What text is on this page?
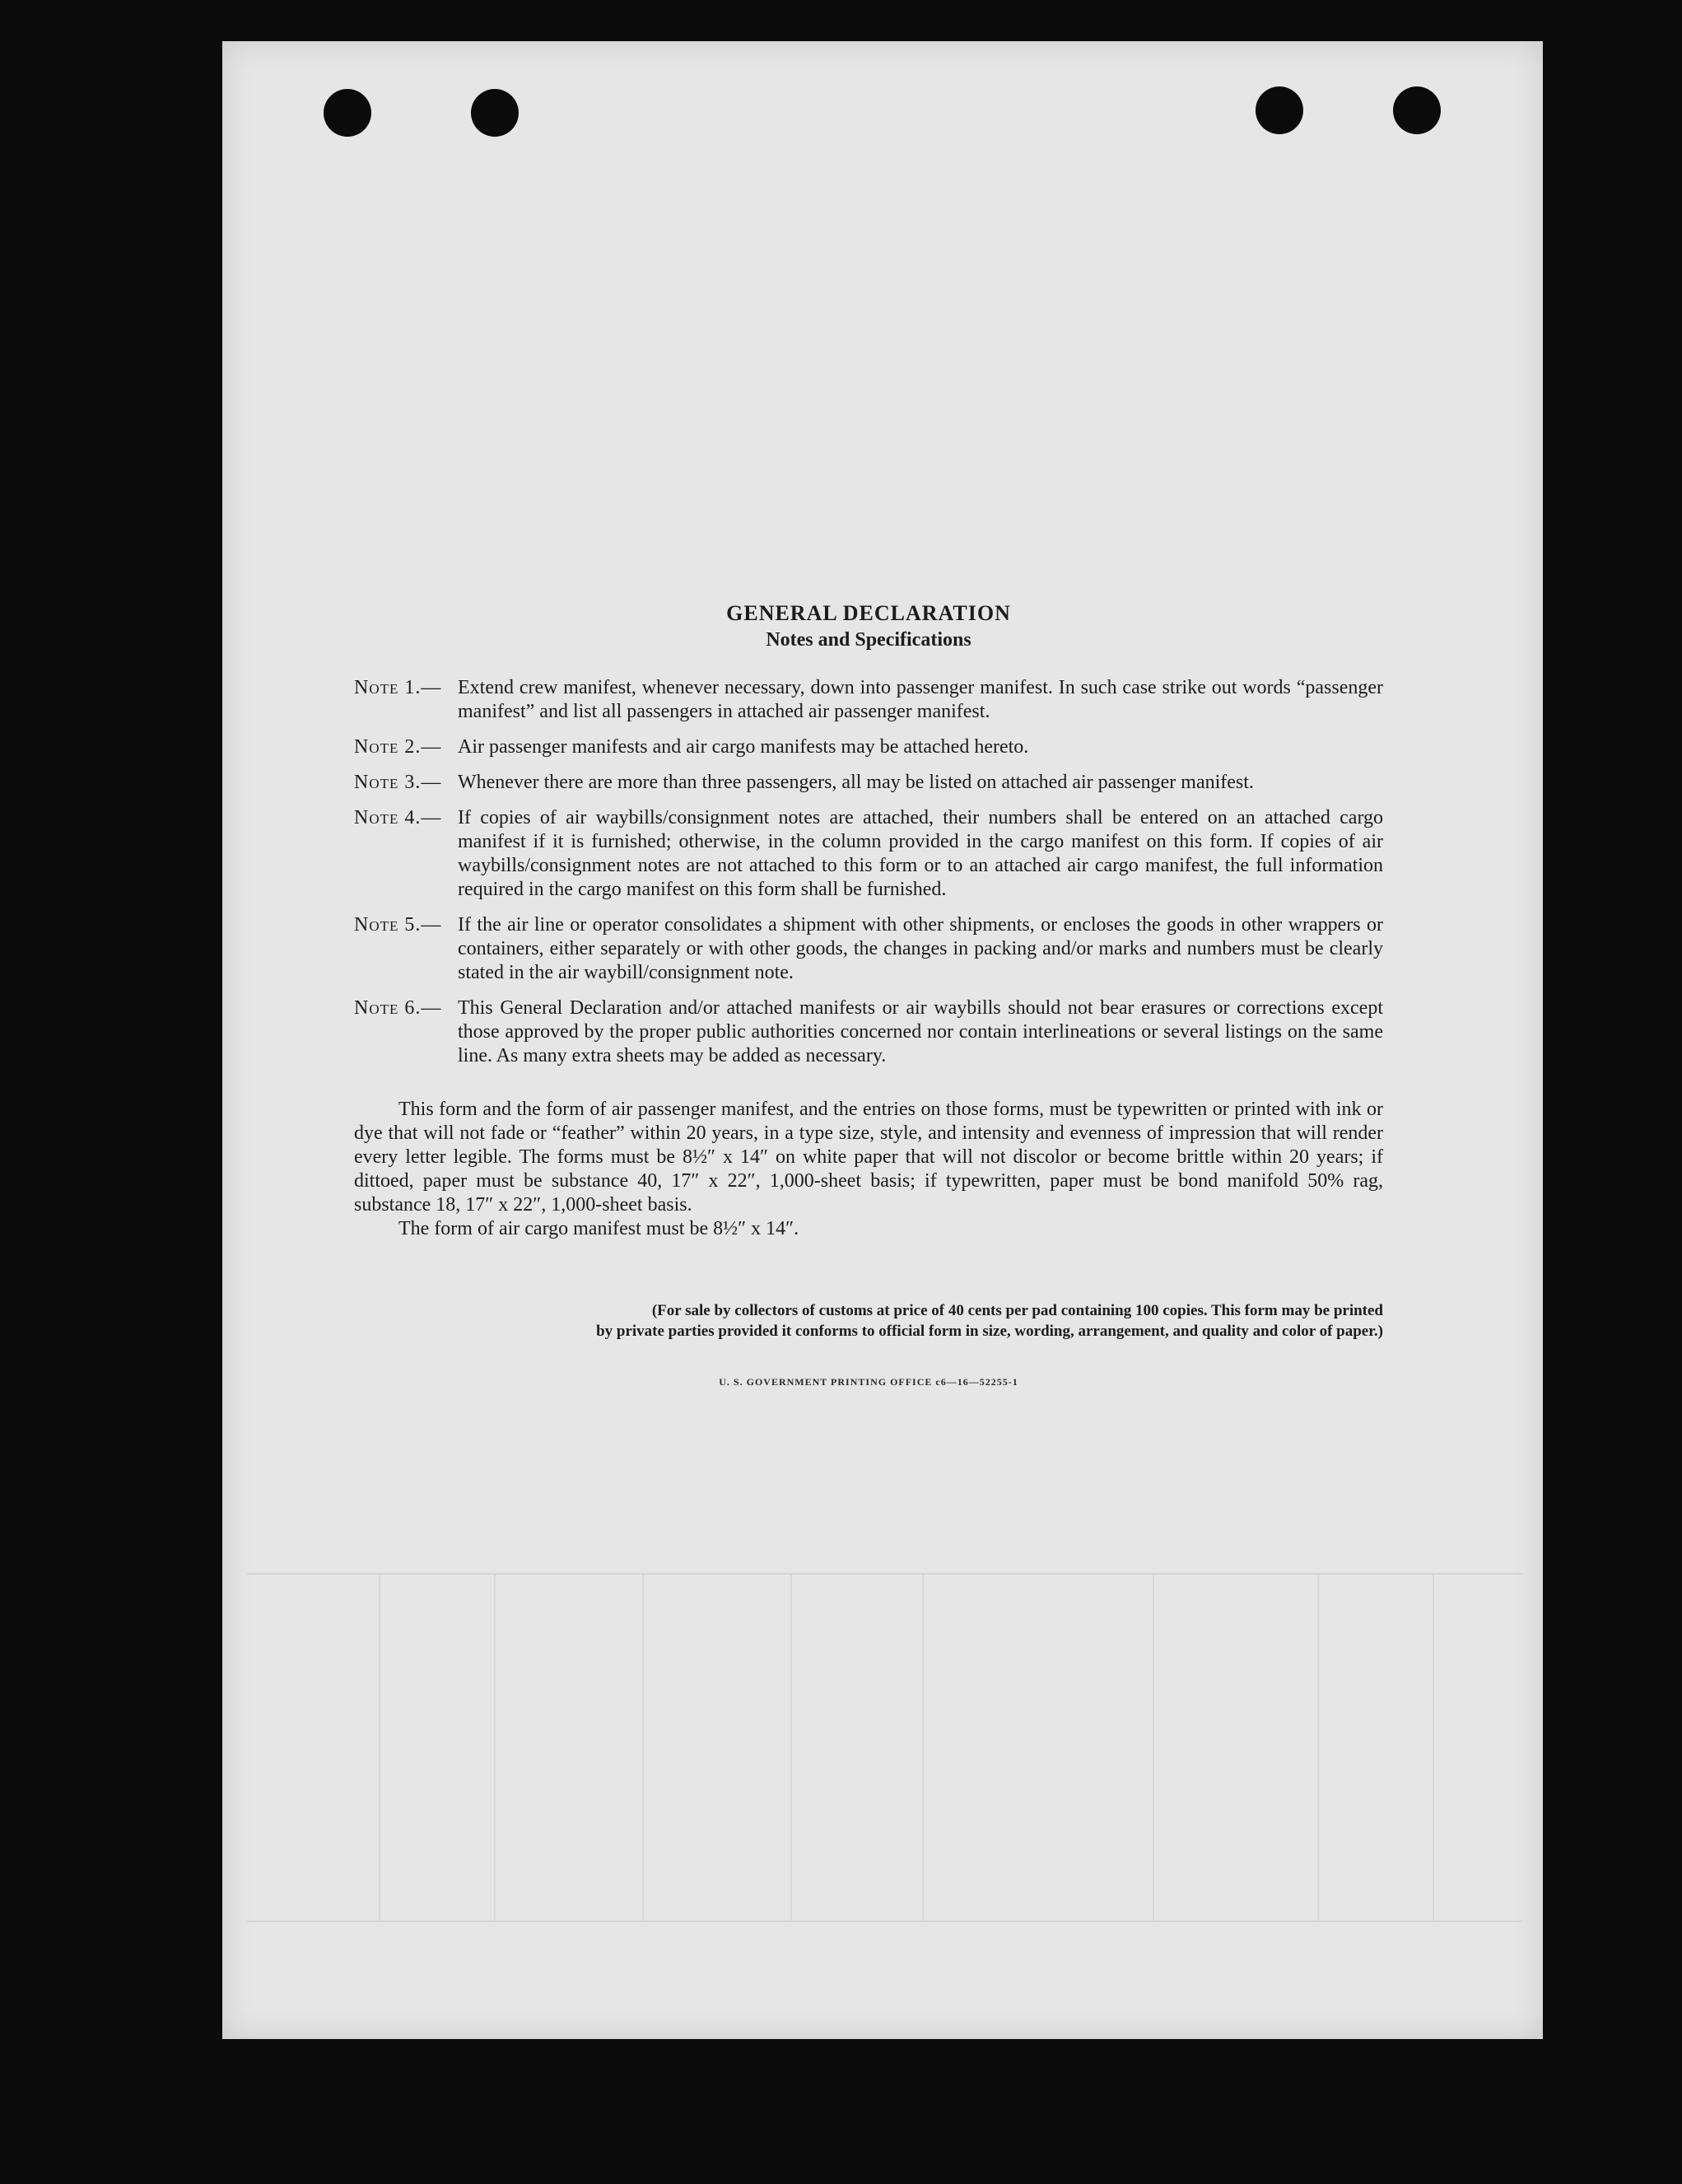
GENERAL DECLARATION
Notes and Specifications
Note 1.— Extend crew manifest, whenever necessary, down into passenger manifest. In such case strike out words “passenger manifest” and list all passengers in attached air passenger manifest.
Note 2.— Air passenger manifests and air cargo manifests may be attached hereto.
Note 3.— Whenever there are more than three passengers, all may be listed on attached air passenger manifest.
Note 4.— If copies of air waybills/consignment notes are attached, their numbers shall be entered on an attached cargo manifest if it is furnished; otherwise, in the column provided in the cargo manifest on this form. If copies of air waybills/consignment notes are not attached to this form or to an attached air cargo manifest, the full information required in the cargo manifest on this form shall be furnished.
Note 5.— If the air line or operator consolidates a shipment with other shipments, or encloses the goods in other wrappers or containers, either separately or with other goods, the changes in packing and/or marks and numbers must be clearly stated in the air waybill/consignment note.
Note 6.— This General Declaration and/or attached manifests or air waybills should not bear erasures or corrections except those approved by the proper public authorities concerned nor contain interlineations or several listings on the same line. As many extra sheets may be added as necessary.

This form and the form of air passenger manifest, and the entries on those forms, must be typewritten or printed with ink or dye that will not fade or “feather” within 20 years, in a type size, style, and intensity and evenness of impression that will render every letter legible. The forms must be 8½″ x 14″ on white paper that will not discolor or become brittle within 20 years; if dittoed, paper must be substance 40, 17″ x 22″, 1,000-sheet basis; if typewritten, paper must be bond manifold 50% rag, substance 18, 17″ x 22″, 1,000-sheet basis.

The form of air cargo manifest must be 8½″ x 14″.

(For sale by collectors of customs at price of 40 cents per pad containing 100 copies. This form may be printed
by private parties provided it conforms to official form in size, wording, arrangement, and quality and color of paper.)
U. S. GOVERNMENT PRINTING OFFICE c6—16—52255-1
